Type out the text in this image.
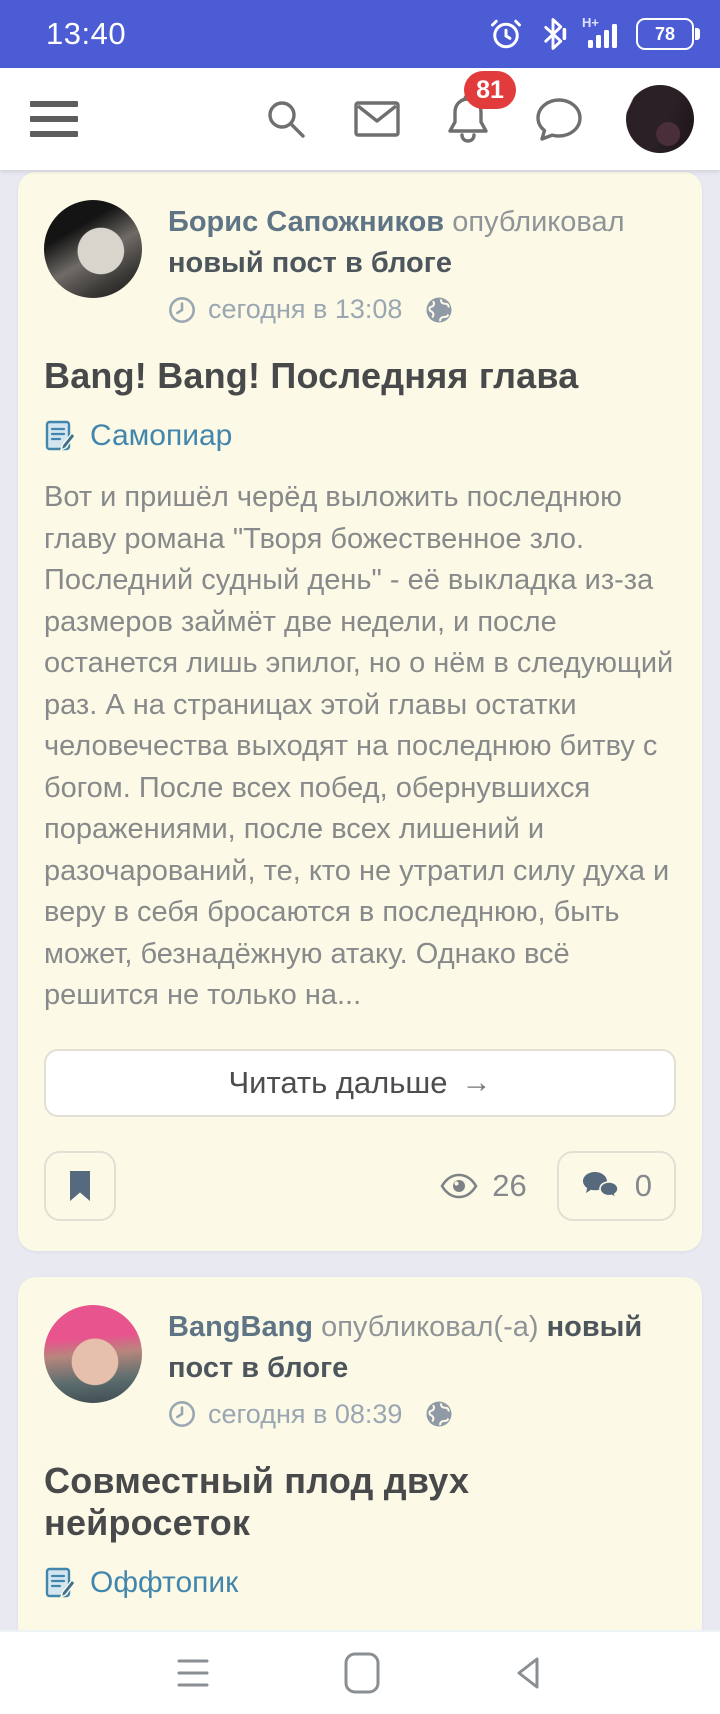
13:40	H+
78
81
Борис Сапожников опубликовал новый пост в блоге
сегодня в 13:08
Bang! Bang! Последняя глава
Самопиар
Вот и пришёл черёд выложить последнюю главу романа "Творя божественное зло. Последний судный день" - её выкладка из-за размеров займёт две недели, и после останется лишь эпилог, но о нём в следующий раз. А на страницах этой главы остатки человечества выходят на последнюю битву с богом. После всех побед, обернувшихся поражениями, после всех лишений и разочарований, те, кто не утратил силу духа и веру в себя бросаются в последнюю, быть может, безнадёжную атаку. Однако всё решится не только на...
Читать дальше →
26	0
BangBang опубликовал(-а) новый пост в блоге
сегодня в 08:39
Совместный плод двух нейросеток
Оффтопик
